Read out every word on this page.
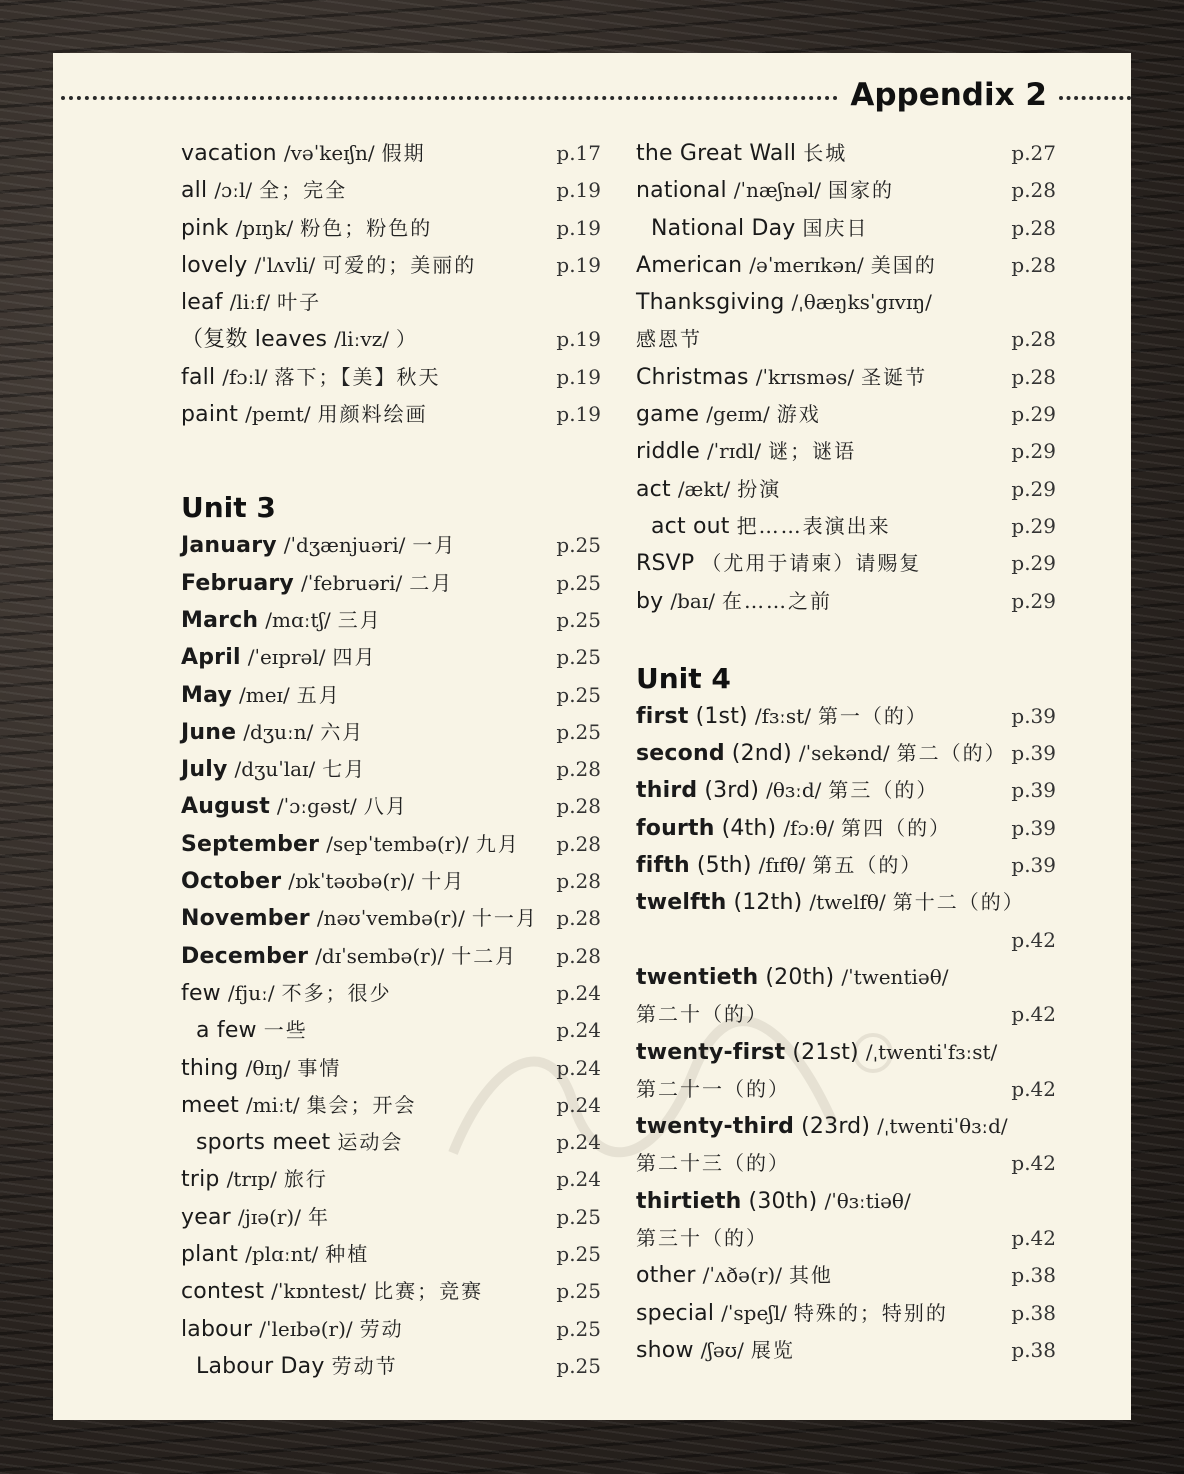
Appendix 2
vacation /vəˈkeɪʃn/ 假期	p.17
all /ɔːl/ 全；完全	p.19
pink /pɪŋk/ 粉色；粉色的	p.19
lovely /ˈlʌvli/ 可爱的；美丽的	p.19
leaf /liːf/ 叶子
（复数 leaves /liːvz/ ）	p.19
fall /fɔːl/ 落下；【美】秋天	p.19
paint /peɪnt/ 用颜料绘画	p.19
Unit 3
January /ˈdʒænjuəri/ 一月	p.25
February /ˈfebruəri/ 二月	p.25
March /mɑːtʃ/ 三月	p.25
April /ˈeɪprəl/ 四月	p.25
May /meɪ/ 五月	p.25
June /dʒuːn/ 六月	p.25
July /dʒuˈlaɪ/ 七月	p.28
August /ˈɔːgəst/ 八月	p.28
September /sepˈtembə(r)/ 九月 p.28
October /ɒkˈtəʊbə(r)/ 十月	p.28
November /nəʊˈvembə(r)/ 十一月 p.28
December /dɪˈsembə(r)/ 十二月 p.28
few /fjuː/ 不多；很少	p.24
a few 一些	p.24
thing /θɪŋ/ 事情	p.24
meet /miːt/ 集会；开会	p.24
sports meet 运动会	p.24
trip /trɪp/ 旅行	p.24
year /jɪə(r)/ 年	p.25
plant /plɑːnt/ 种植	p.25
contest /ˈkɒntest/ 比赛；竞赛	p.25
labour /ˈleɪbə(r)/ 劳动	p.25
Labour Day 劳动节	p.25
the Great Wall 长城	p.27
national /ˈnæʃnəl/ 国家的	p.28
National Day 国庆日	p.28
American /əˈmerɪkən/ 美国的	p.28
Thanksgiving /ˌθæŋksˈgɪvɪŋ/
感恩节	p.28
Christmas /ˈkrɪsməs/ 圣诞节	p.28
game /geɪm/ 游戏	p.29
riddle /ˈrɪdl/ 谜；谜语	p.29
act /ækt/ 扮演	p.29
act out 把……表演出来	p.29
RSVP （尤用于请柬）请赐复	p.29
by /baɪ/ 在……之前	p.29
Unit 4
first (1st) /fɜːst/ 第一（的）	p.39
second (2nd) /ˈsekənd/ 第二（的） p.39
third (3rd) /θɜːd/ 第三（的）	p.39
fourth (4th) /fɔːθ/ 第四（的）	p.39
fifth (5th) /fɪfθ/ 第五（的）	p.39
twelfth (12th) /twelfθ/ 第十二（的）
p.42
twentieth (20th) /ˈtwentiəθ/
第二十（的）	p.42
twenty-first (21st) /ˌtwentiˈfɜːst/
第二十一（的）	p.42
twenty-third (23rd) /ˌtwentiˈθɜːd/
第二十三（的）	p.42
thirtieth (30th) /ˈθɜːtiəθ/
第三十（的）	p.42
other /ˈʌðə(r)/ 其他	p.38
special /ˈspeʃl/ 特殊的；特别的	p.38
show /ʃəʊ/ 展览	p.38
